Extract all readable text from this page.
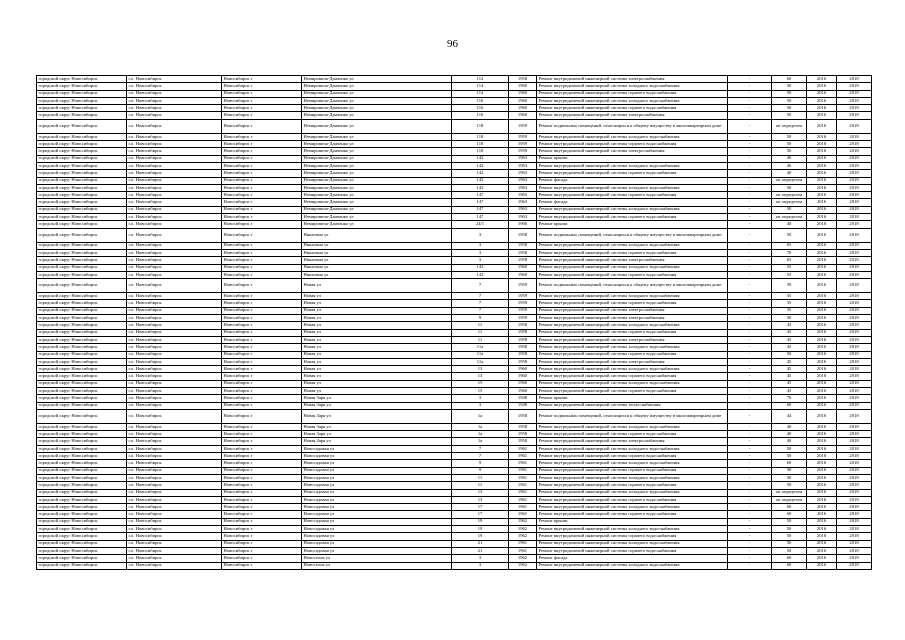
96
городской округ Новосибирск	г.о. Новосибирск	Новосибирск г	Немировича-Данченко ул	112	1958	Ремонт внутридомовой инженерной системы электроснабжения	-	60	2016	2018
городской округ Новосибирск	г.о. Новосибирск	Новосибирск г	Немировича-Данченко ул	114	1960	Ремонт внутридомовой инженерной системы холодного водоснабжения	-	50	2016	2018
городской округ Новосибирск	г.о. Новосибирск	Новосибирск г	Немировича-Данченко ул	114	1960	Ремонт внутридомовой инженерной системы горячего водоснабжения	-	50	2016	2018
городской округ Новосибирск	г.о. Новосибирск	Новосибирск г	Немировича-Данченко ул	116	1960	Ремонт внутридомовой инженерной системы холодного водоснабжения	-	50	2016	2018
городской округ Новосибирск	г.о. Новосибирск	Новосибирск г	Немировича-Данченко ул	116	1960	Ремонт внутридомовой инженерной системы горячего водоснабжения	-	50	2016	2018
городской округ Новосибирск	г.о. Новосибирск	Новосибирск г	Немировича-Данченко ул	116	1960	Ремонт внутридомовой инженерной системы электроснабжения	-	50	2016	2018
городской округ Новосибирск	г.о. Новосибирск	Новосибирск г	Немировича-Данченко ул	118	1959	Ремонт подвальных помещений, относящихся к общему имуществу в многоквартирном доме	-	не определен	2016	2018
городской округ Новосибирск	г.о. Новосибирск	Новосибирск г	Немировича-Данченко ул	118	1959	Ремонт внутридомовой инженерной системы холодного водоснабжения	-	50	2016	2018
городской округ Новосибирск	г.о. Новосибирск	Новосибирск г	Немировича-Данченко ул	118	1959	Ремонт внутридомовой инженерной системы горячего водоснабжения	-	50	2016	2018
городской округ Новосибирск	г.о. Новосибирск	Новосибирск г	Немировича-Данченко ул	118	1959	Ремонт внутридомовой инженерной системы электроснабжения	-	50	2016	2018
городской округ Новосибирск	г.о. Новосибирск	Новосибирск г	Немировича-Данченко ул	142	1963	Ремонт крыши	-	40	2016	2018
городской округ Новосибирск	г.о. Новосибирск	Новосибирск г	Немировича-Данченко ул	142	1963	Ремонт внутридомовой инженерной системы холодного водоснабжения	-	40	2016	2018
городской округ Новосибирск	г.о. Новосибирск	Новосибирск г	Немировича-Данченко ул	142	1963	Ремонт внутридомовой инженерной системы горячего водоснабжения	-	40	2016	2018
городской округ Новосибирск	г.о. Новосибирск	Новосибирск г	Немировича-Данченко ул	143	1963	Ремонт фасада	-	не определен	2016	2018
городской округ Новосибирск	г.о. Новосибирск	Новосибирск г	Немировича-Данченко ул	143	1963	Ремонт внутридомовой инженерной системы холодного водоснабжения	-	50	2016	2018
городской округ Новосибирск	г.о. Новосибирск	Новосибирск г	Немировича-Данченко ул	147	1963	Ремонт внутридомовой инженерной системы горячего водоснабжения	-	не определен	2016	2018
городской округ Новосибирск	г.о. Новосибирск	Новосибирск г	Немировича-Данченко ул	147	1963	Ремонт фасада	-	не определен	2016	2018
городской округ Новосибирск	г.о. Новосибирск	Новосибирск г	Немировича-Данченко ул	147	1963	Ремонт внутридомовой инженерной системы холодного водоснабжения	-	50	2016	2018
городской округ Новосибирск	г.о. Новосибирск	Новосибирск г	Немировича-Данченко ул	147	1963	Ремонт внутридомовой инженерной системы горячего водоснабжения	-	не определен	2016	2018
городской округ Новосибирск	г.о. Новосибирск	Новосибирск г	Немировича-Данченко ул	24/1	1966	Ремонт крыши	-	40	2016	2018
городской округ Новосибирск	г.о. Новосибирск	Новосибирск г	Никитина ул	3	1958	Ремонт подвальных помещений, относящихся к общему имуществу в многоквартирном доме	-	50	2016	2018
городской округ Новосибирск	г.о. Новосибирск	Новосибирск г	Никитина ул	3	1958	Ремонт внутридомовой инженерной системы холодного водоснабжения	-	65	2016	2018
городской округ Новосибирск	г.о. Новосибирск	Новосибирск г	Никитина ул	3	1958	Ремонт внутридомовой инженерной системы горячего водоснабжения	-	70	2016	2018
городской округ Новосибирск	г.о. Новосибирск	Новосибирск г	Никитина ул	3	1958	Ремонт внутридомовой инженерной системы электроснабжения	-	65	2016	2018
городской округ Новосибирск	г.о. Новосибирск	Новосибирск г	Никитина ул	143	1960	Ремонт внутридомовой инженерной системы холодного водоснабжения	-	55	2016	2018
городской округ Новосибирск	г.о. Новосибирск	Новосибирск г	Никитина ул	143	1960	Ремонт внутридомовой инженерной системы горячего водоснабжения	-	55	2016	2018
городской округ Новосибирск	г.о. Новосибирск	Новосибирск г	Новая ул	7	1959	Ремонт подвальных помещений, относящихся к общему имуществу в многоквартирном доме	-	39	2016	2018
городской округ Новосибирск	г.о. Новосибирск	Новосибирск г	Новая ул	7	1959	Ремонт внутридомовой инженерной системы холодного водоснабжения	-	35	2016	2018
городской округ Новосибирск	г.о. Новосибирск	Новосибирск г	Новая ул	7	1959	Ремонт внутридомовой инженерной системы горячего водоснабжения	-	35	2016	2018
городской округ Новосибирск	г.о. Новосибирск	Новосибирск г	Новая ул	7	1959	Ремонт внутридомовой инженерной системы электроснабжения	-	35	2016	2018
городской округ Новосибирск	г.о. Новосибирск	Новосибирск г	Новая ул	9	1959	Ремонт внутридомовой инженерной системы электроснабжения	-	50	2016	2018
городской округ Новосибирск	г.о. Новосибирск	Новосибирск г	Новая ул	11	1958	Ремонт внутридомовой инженерной системы холодного водоснабжения	-	45	2016	2018
городской округ Новосибирск	г.о. Новосибирск	Новосибирск г	Новая ул	11	1958	Ремонт внутридомовой инженерной системы горячего водоснабжения	-	45	2016	2018
городской округ Новосибирск	г.о. Новосибирск	Новосибирск г	Новая ул	11	1958	Ремонт внутридомовой инженерной системы электроснабжения	-	45	2016	2018
городской округ Новосибирск	г.о. Новосибирск	Новосибирск г	Новая ул	11а	1958	Ремонт внутридомовой инженерной системы холодного водоснабжения	-	45	2016	2018
городской округ Новосибирск	г.о. Новосибирск	Новосибирск г	Новая ул	11а	1958	Ремонт внутридомовой инженерной системы горячего водоснабжения	-	50	2016	2018
городской округ Новосибирск	г.о. Новосибирск	Новосибирск г	Новая ул	11а	1958	Ремонт внутридомовой инженерной системы электроснабжения	-	45	2016	2018
городской округ Новосибирск	г.о. Новосибирск	Новосибирск г	Новая ул	13	1960	Ремонт внутридомовой инженерной системы холодного водоснабжения	-	45	2016	2018
городской округ Новосибирск	г.о. Новосибирск	Новосибирск г	Новая ул	13	1960	Ремонт внутридомовой инженерной системы горячего водоснабжения	-	45	2016	2018
городской округ Новосибирск	г.о. Новосибирск	Новосибирск г	Новая ул	15	1960	Ремонт внутридомовой инженерной системы холодного водоснабжения	-	45	2016	2018
городской округ Новосибирск	г.о. Новосибирск	Новосибирск г	Новая ул	15	1960	Ремонт внутридомовой инженерной системы горячего водоснабжения	-	45	2016	2018
городской округ Новосибирск	г.о. Новосибирск	Новосибирск г	Новая Заря ул	3	1948	Ремонт крыши	-	70	2016	2018
городской округ Новосибирск	г.о. Новосибирск	Новосибирск г	Новая Заря ул	3	1948	Ремонт внутридомовой инженерной системы теплоснабжения	-	60	2016	2018
городской округ Новосибирск	г.о. Новосибирск	Новосибирск г	Новая Заря ул	1а	1958	Ремонт подвальных помещений, относящихся к общему имуществу в многоквартирном доме	-	44	2016	2018
городской округ Новосибирск	г.о. Новосибирск	Новосибирск г	Новая Заря ул	1а	1958	Ремонт внутридомовой инженерной системы холодного водоснабжения	-	40	2016	2018
городской округ Новосибирск	г.о. Новосибирск	Новосибирск г	Новая Заря ул	1а	1958	Ремонт внутридомовой инженерной системы горячего водоснабжения	-	40	2016	2018
городской округ Новосибирск	г.о. Новосибирск	Новосибирск г	Новая Заря ул	1а	1958	Ремонт внутридомовой инженерной системы электроснабжения	-	40	2016	2018
городской округ Новосибирск	г.о. Новосибирск	Новосибирск г	Новосадовая ул	7	1961	Ремонт внутридомовой инженерной системы холодного водоснабжения	-	50	2016	2018
городской округ Новосибирск	г.о. Новосибирск	Новосибирск г	Новосадовая ул	7	1961	Ремонт внутридомовой инженерной системы горячего водоснабжения	-	50	2016	2018
городской округ Новосибирск	г.о. Новосибирск	Новосибирск г	Новосадовая ул	9	1961	Ремонт внутридомовой инженерной системы холодного водоснабжения	-	60	2016	2018
городской округ Новосибирск	г.о. Новосибирск	Новосибирск г	Новосадовая ул	9	1961	Ремонт внутридомовой инженерной системы горячего водоснабжения	-	50	2016	2018
городской округ Новосибирск	г.о. Новосибирск	Новосибирск г	Новосадовая ул	11	1961	Ремонт внутридомовой инженерной системы холодного водоснабжения	-	50	2016	2018
городской округ Новосибирск	г.о. Новосибирск	Новосибирск г	Новосадовая ул	11	1961	Ремонт внутридомовой инженерной системы горячего водоснабжения	-	50	2016	2018
городской округ Новосибирск	г.о. Новосибирск	Новосибирск г	Новосадовая ул	13	1961	Ремонт внутридомовой инженерной системы холодного водоснабжения	-	не определен	2016	2018
городской округ Новосибирск	г.о. Новосибирск	Новосибирск г	Новосадовая ул	13	1961	Ремонт внутридомовой инженерной системы горячего водоснабжения	-	не определен	2016	2018
городской округ Новосибирск	г.о. Новосибирск	Новосибирск г	Новосадовая ул	17	1961	Ремонт внутридомовой инженерной системы холодного водоснабжения	-	60	2016	2018
городской округ Новосибирск	г.о. Новосибирск	Новосибирск г	Новосадовая ул	17	1961	Ремонт внутридомовой инженерной системы горячего водоснабжения	-	60	2016	2018
городской округ Новосибирск	г.о. Новосибирск	Новосибирск г	Новосадовая ул	19	1962	Ремонт крыши	-	50	2016	2018
городской округ Новосибирск	г.о. Новосибирск	Новосибирск г	Новосадовая ул	19	1962	Ремонт внутридомовой инженерной системы холодного водоснабжения	-	50	2016	2018
городской округ Новосибирск	г.о. Новосибирск	Новосибирск г	Новосадовая ул	19	1962	Ремонт внутридомовой инженерной системы горячего водоснабжения	-	50	2016	2018
городской округ Новосибирск	г.о. Новосибирск	Новосибирск г	Новосадовая ул	21	1961	Ремонт внутридомовой инженерной системы холодного водоснабжения	-	50	2016	2018
городской округ Новосибирск	г.о. Новосибирск	Новосибирск г	Новосадовая ул	21	1961	Ремонт внутридомовой инженерной системы горячего водоснабжения	-	50	2016	2018
городской округ Новосибирск	г.о. Новосибирск	Новосибирск г	Новоселов ул	3	1962	Ремонт фасада	-	60	2016	2018
городской округ Новосибирск	г.о. Новосибирск	Новосибирск г	Новоселов ул	3	1962	Ремонт внутридомовой инженерной системы холодного водоснабжения	-	60	2016	2018
